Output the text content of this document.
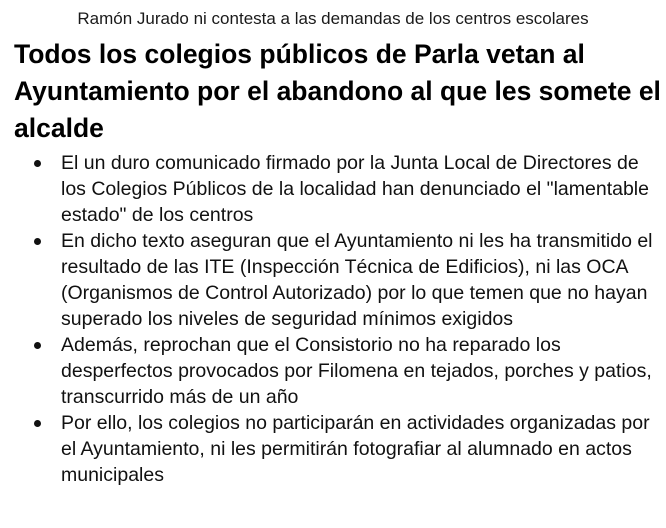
Ramón Jurado ni contesta a las demandas de los centros escolares
Todos los colegios públicos de Parla vetan al Ayuntamiento por el abandono al que les somete el alcalde
El un duro comunicado firmado por la Junta Local de Directores de los Colegios Públicos de la localidad han denunciado el "lamentable estado" de los centros
En dicho texto aseguran que el Ayuntamiento ni les ha transmitido el resultado de las ITE (Inspección Técnica de Edificios), ni las OCA (Organismos de Control Autorizado) por lo que temen que no hayan superado los niveles de seguridad mínimos exigidos
Además, reprochan que el Consistorio no ha reparado los desperfectos provocados por Filomena en tejados, porches y patios, transcurrido más de un año
Por ello, los colegios no participarán en actividades organizadas por el Ayuntamiento, ni les permitirán fotografiar al alumnado en actos municipales
